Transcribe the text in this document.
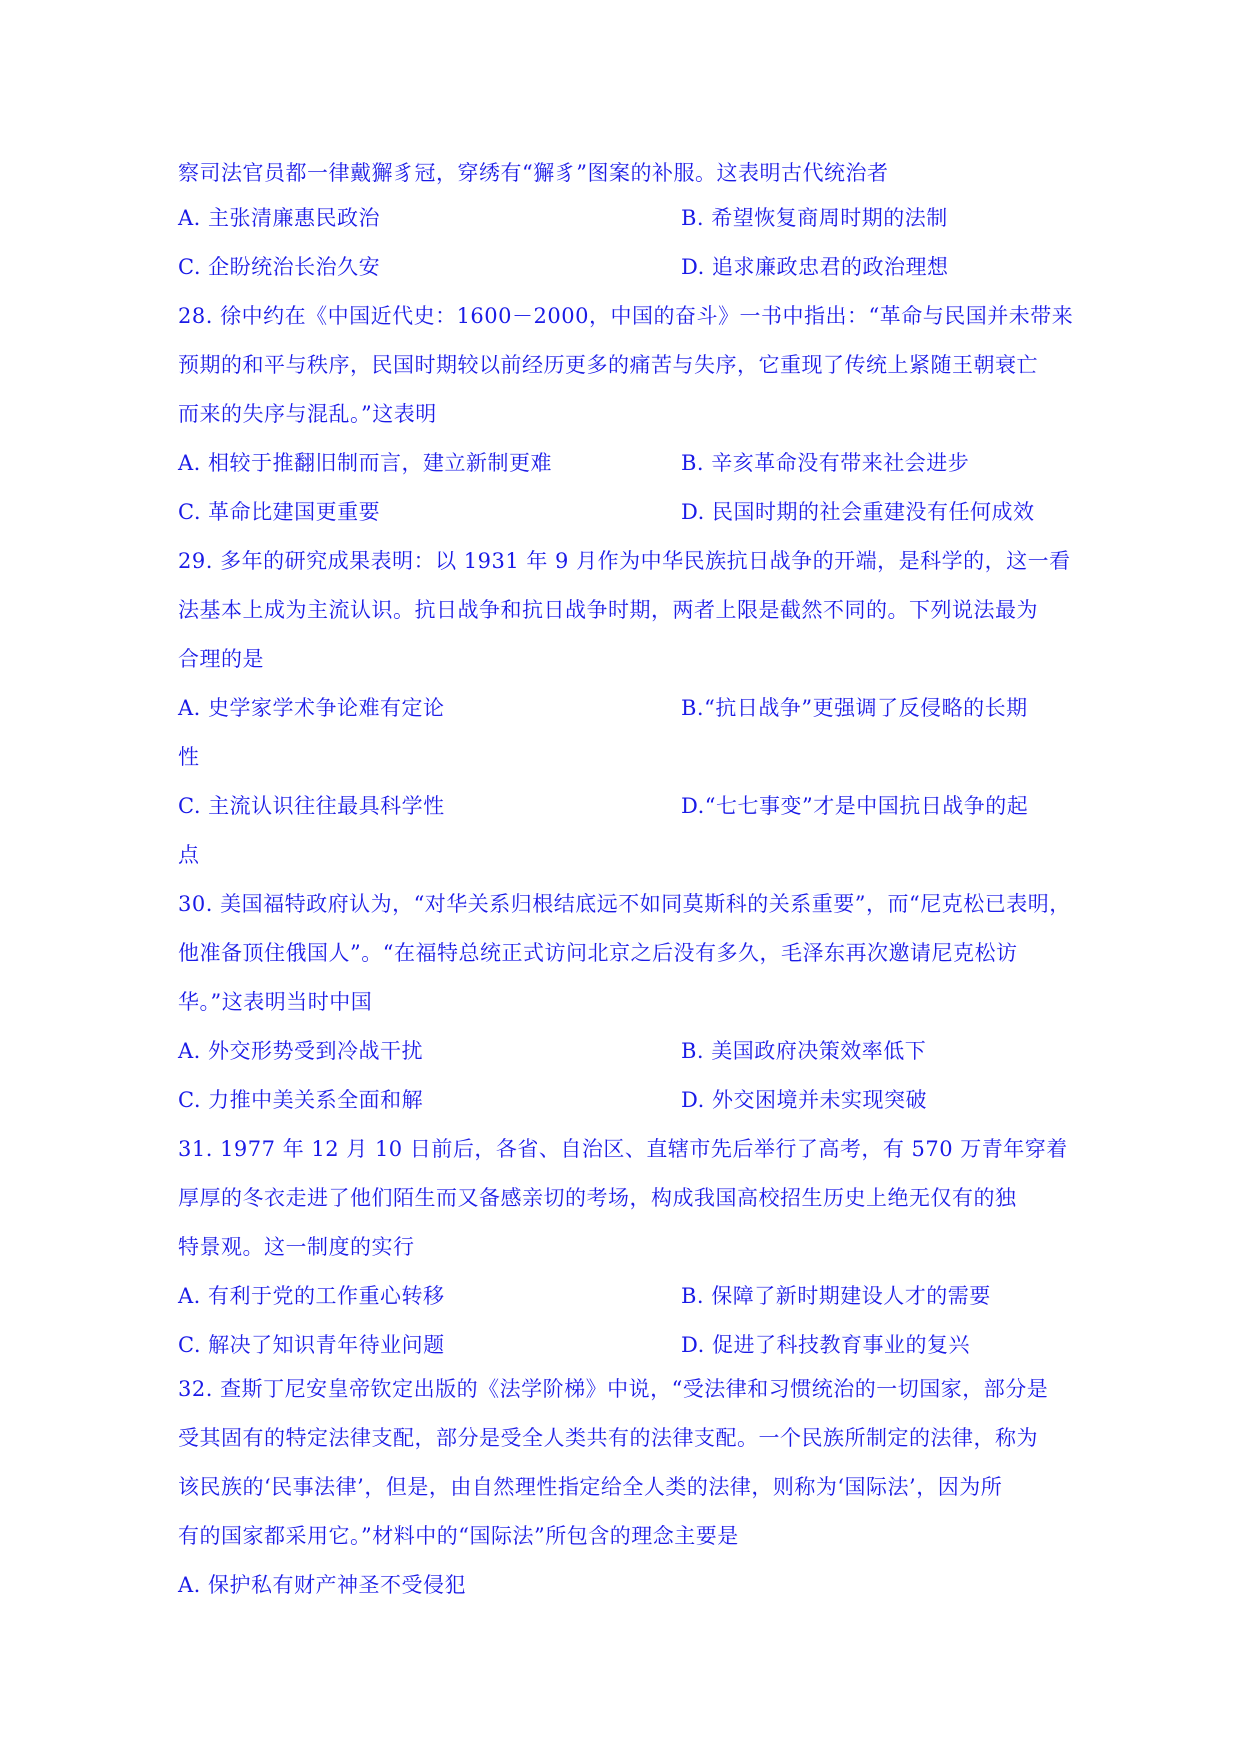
察司法官员都一律戴獬豸冠，穿绣有“獬豸”图案的补服。这表明古代统治者
A. 主张清廉惠民政治	B. 希望恢复商周时期的法制
C. 企盼统治长治久安	D. 追求廉政忠君的政治理想
28. 徐中约在《中国近代史：1600－2000，中国的奋斗》一书中指出：“革命与民国并未带来
预期的和平与秩序，民国时期较以前经历更多的痛苦与失序，它重现了传统上紧随王朝衰亡
而来的失序与混乱。”这表明
A. 相较于推翻旧制而言，建立新制更难	B. 辛亥革命没有带来社会进步
C. 革命比建国更重要	D. 民国时期的社会重建没有任何成效
29. 多年的研究成果表明：以 1931 年 9 月作为中华民族抗日战争的开端，是科学的，这一看
法基本上成为主流认识。抗日战争和抗日战争时期，两者上限是截然不同的。下列说法最为
合理的是
A. 史学家学术争论难有定论	B.“抗日战争”更强调了反侵略的长期
性
C. 主流认识往往最具科学性	D.“七七事变”才是中国抗日战争的起
点
30. 美国福特政府认为，“对华关系归根结底远不如同莫斯科的关系重要”，而“尼克松已表明，
他准备顶住俄国人”。“在福特总统正式访问北京之后没有多久，毛泽东再次邀请尼克松访
华。”这表明当时中国
A. 外交形势受到冷战干扰	B. 美国政府决策效率低下
C. 力推中美关系全面和解	D. 外交困境并未实现突破
31. 1977 年 12 月 10 日前后，各省、自治区、直辖市先后举行了高考，有 570 万青年穿着
厚厚的冬衣走进了他们陌生而又备感亲切的考场，构成我国高校招生历史上绝无仅有的独
特景观。这一制度的实行
A. 有利于党的工作重心转移	B. 保障了新时期建设人才的需要
C. 解决了知识青年待业问题	D. 促进了科技教育事业的复兴
32. 查斯丁尼安皇帝钦定出版的《法学阶梯》中说，“受法律和习惯统治的一切国家，部分是
受其固有的特定法律支配，部分是受全人类共有的法律支配。一个民族所制定的法律，称为
该民族的‘民事法律’，但是，由自然理性指定给全人类的法律，则称为‘国际法’，因为所
有的国家都采用它。”材料中的“国际法”所包含的理念主要是
A. 保护私有财产神圣不受侵犯
